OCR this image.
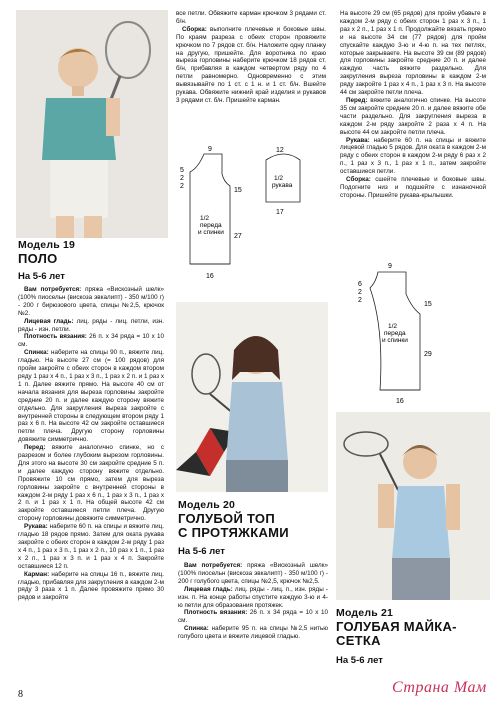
Модель 19
ПОЛО
На 5-6 лет

Вам потребуется: пряжа «Вискозный шелк» (100% пиосельн (вискоза эвкалипт) - 350 м/100 г) - 200 г бирюзового цвета, спицы №2,5, крючок №2.

Лицевая гладь: лиц. ряды - лиц. петли, изн. ряды - изн. петли.

Плотность вязания: 26 п. х 34 ряда = 10 х 10 см.

Спинка: наберите на спицы 90 п., вяжите лиц. гладью. На высоте 27 см (= 100 рядов) для пройм закройте с обеих сторон в каждом втором ряду 1 раз х 4 п., 1 раз х 3 п., 1 раз х 2 п. и 1 раз х 1 п. Далее вяжите прямо. На высоте 40 см от начала вязания для выреза горловины закройте средние 20 п. и далее каждую сторону вяжите отдельно. Для закругления выреза закройте с внутренней стороны в следующем втором ряду 1 раз х 6 п. На высоте 42 см закройте оставшиеся петли плеча. Другую сторону горловины довяжите симметрично.

Перед: вяжите аналогично спинке, но с разрезом и более глубоким вырезом горловины. Для этого на высоте 30 см закройте средние 5 п. и далее каждую сторону вяжите отдельно. Провяжите 10 см прямо, затем для выреза горловины закройте с внутренней стороны в каждом 2-м ряду 1 раз х 6 п., 1 раз х 3 п., 1 раз х 2 п. и 1 раз х 1 п. На общей высоте 42 см закройте оставшиеся петли плеча. Другую сторону горловины довяжите симметрично.

Рукава: наберите 60 п. на спицы и вяжите лиц. гладью 18 рядов прямо. Затем для оката рукава закройте с обеих сторон в каждом 2-м ряду 1 раз х 4 п., 1 раз х 3 п., 1 раз х 2 п., 10 раз х 1 п., 1 раз х 2 п., 1 раз х 3 п. и 1 раз х 4 п. Закройте оставшиеся 12 п.

Карман: наберите на спицы 16 п., вяжите лиц. гладью, прибавляя для закругления в каждом 2-м ряду 3 раза х 1 п. Далее провяжите прямо 30 рядов и закройте

все петли. Обвяжите карман крючком 3 рядами ст. б/н.

Сборка: выполните плечевые и боковые швы. По краям разреза с обеих сторон провяжите крючком по 7 рядов ст. б/н. Наложите одну планку на другую, пришейте. Для воротника по краю выреза горловины наберите крючком 18 рядов ст. б/н, прибавляя в каждом четвертом ряду по 4 петли равномерно. Одновременно с этим вывязывайте по 1 ст. с 1 н. и 1 ст. б/н. Вшейте рукава. Обвяжите нижний край изделия и рукавов 3 рядами ст. б/н. Пришейте карман.

9
5
2
2
15
27
16
1/2
переда
и спинки
1/2
рукава
12
17
Модель 20
ГОЛУБОЙ ТОП
С ПРОТЯЖКАМИ
На 5-6 лет

Вам потребуется: пряжа «Вискозный шелк» (100% пиосельн (вискоза эвкалипт) - 350 м/100 г) - 200 г голубого цвета, спицы №2,5, крючок №2,5.

Лицевая гладь: лиц. ряды - лиц. п., изн. ряды - изн. п. На конце работы спустите каждую 3-ю и 4-ю петли для образования протяжек.

Плотность вязания: 26 п. х 34 ряда = 10 х 10 см.

Спинка: наберите 95 п. на спицы №2,5 нитью голубого цвета и вяжите лицевой гладью.

На высоте 29 см (65 рядов) для пройм убавьте в каждом 2-м ряду с обеих сторон 1 раз х 3 п., 1 раз х 2 п., 1 раз х 1 п. Продолжайте вязать прямо и на высоте 34 см (77 рядов) для пройм спускайте каждую 3-ю и 4-ю п. на тех петлях, которые закрываете. На высоте 39 см (89 рядов) для горловины закройте средние 20 п. и далее каждую часть вяжите раздельно. Для закругления выреза горловины в каждом 2-м ряду закройте 1 раз х 4 п., 1 раз х 3 п. На высоте 44 см закройте петли плеча.

Перед: вяжите аналогично спинке. На высоте 35 см закройте средние 20 п. и далее вяжите обе части раздельно. Для закругления выреза в каждом 2-м ряду закройте 2 раза х 4 п. На высоте 44 см закройте петли плеча.

Рукава: наберите 60 п. на спицы и вяжите лицевой гладью 5 рядов. Для оката в каждом 2-м ряду с обеих сторон в каждом 2-м ряду 6 раз х 2 п., 1 раз х 3 п., 1 раз х 1 п., затем закройте оставшиеся петли.

Сборка: сшейте плечевые и боковые швы. Подогните низ и подшейте с изнаночной стороны. Пришейте рукава-крылышки.

9
6
2
2
15
29
16
1/2
переда
и спинки
Модель 21
ГОЛУБАЯ МАЙКА-
СЕТКА
На 5-6 лет
8	Страна Мам
